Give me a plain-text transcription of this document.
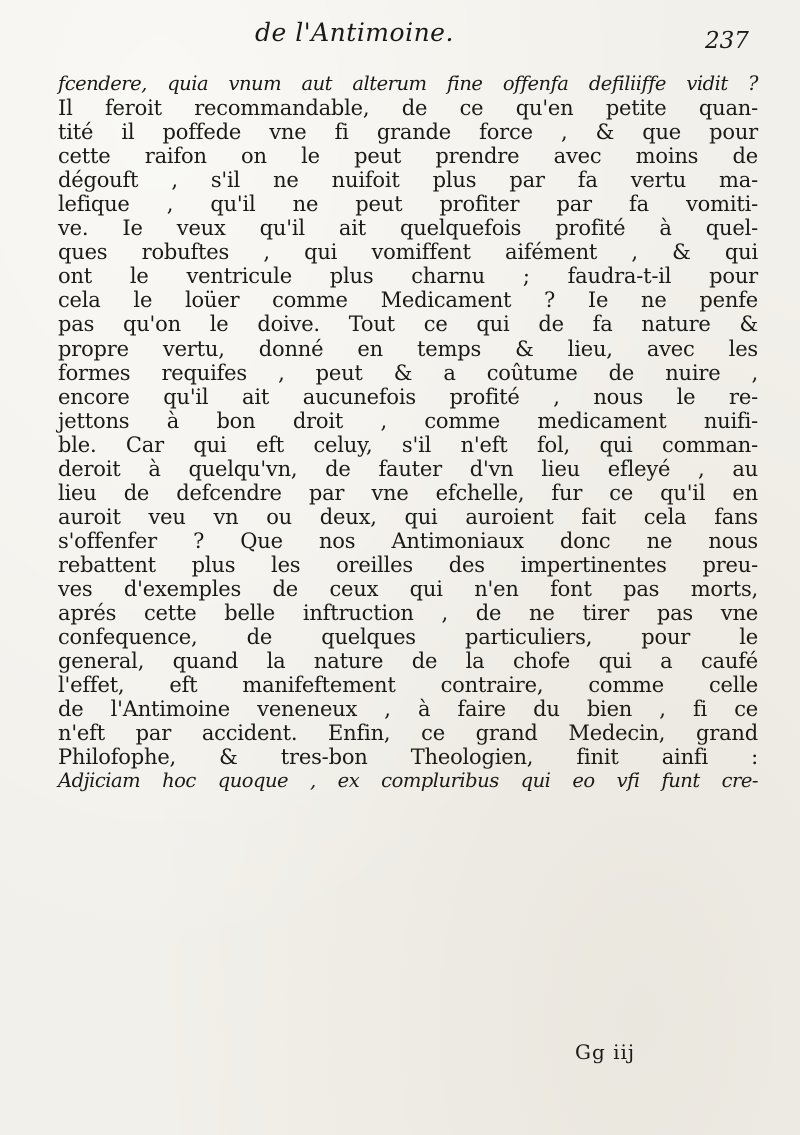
de l'Antimoine.	237
fcendere, quia vnum aut alterum fine offenfa defiliiffe vidit ?
Il feroit recommandable, de ce qu'en petite quan-
tité il poffede vne fi grande force , & que pour
cette raifon on le peut prendre avec moins de
dégouft , s'il ne nuifoit plus par fa vertu ma-
lefique , qu'il ne peut profiter par fa vomiti-
ve. Ie veux qu'il ait quelquefois profité à quel-
ques robuftes , qui vomiffent aifément , & qui
ont le ventricule plus charnu ; faudra-t-il pour
cela le loüer comme Medicament ? Ie ne penfe
pas qu'on le doive. Tout ce qui de fa nature &
propre vertu, donné en temps & lieu, avec les
formes requifes , peut & a coûtume de nuire ,
encore qu'il ait aucunefois profité , nous le re-
jettons à bon droit , comme medicament nuifi-
ble. Car qui eft celuy, s'il n'eft fol, qui comman-
deroit à quelqu'vn, de fauter d'vn lieu efleyé , au
lieu de defcendre par vne efchelle, fur ce qu'il en
auroit veu vn ou deux, qui auroient fait cela fans
s'offenfer ? Que nos Antimoniaux donc ne nous
rebattent plus les oreilles des impertinentes preu-
ves d'exemples de ceux qui n'en font pas morts,
aprés cette belle inftruction , de ne tirer pas vne
confequence, de quelques particuliers, pour le
general, quand la nature de la chofe qui a caufé
l'effet, eft manifeftement contraire, comme celle
de l'Antimoine veneneux , à faire du bien , fi ce
n'eft par accident. Enfin, ce grand Medecin, grand
Philofophe, & tres-bon Theologien, finit ainfi :
Adjiciam hoc quoque , ex compluribus qui eo vfi funt cre-
Gg iij
